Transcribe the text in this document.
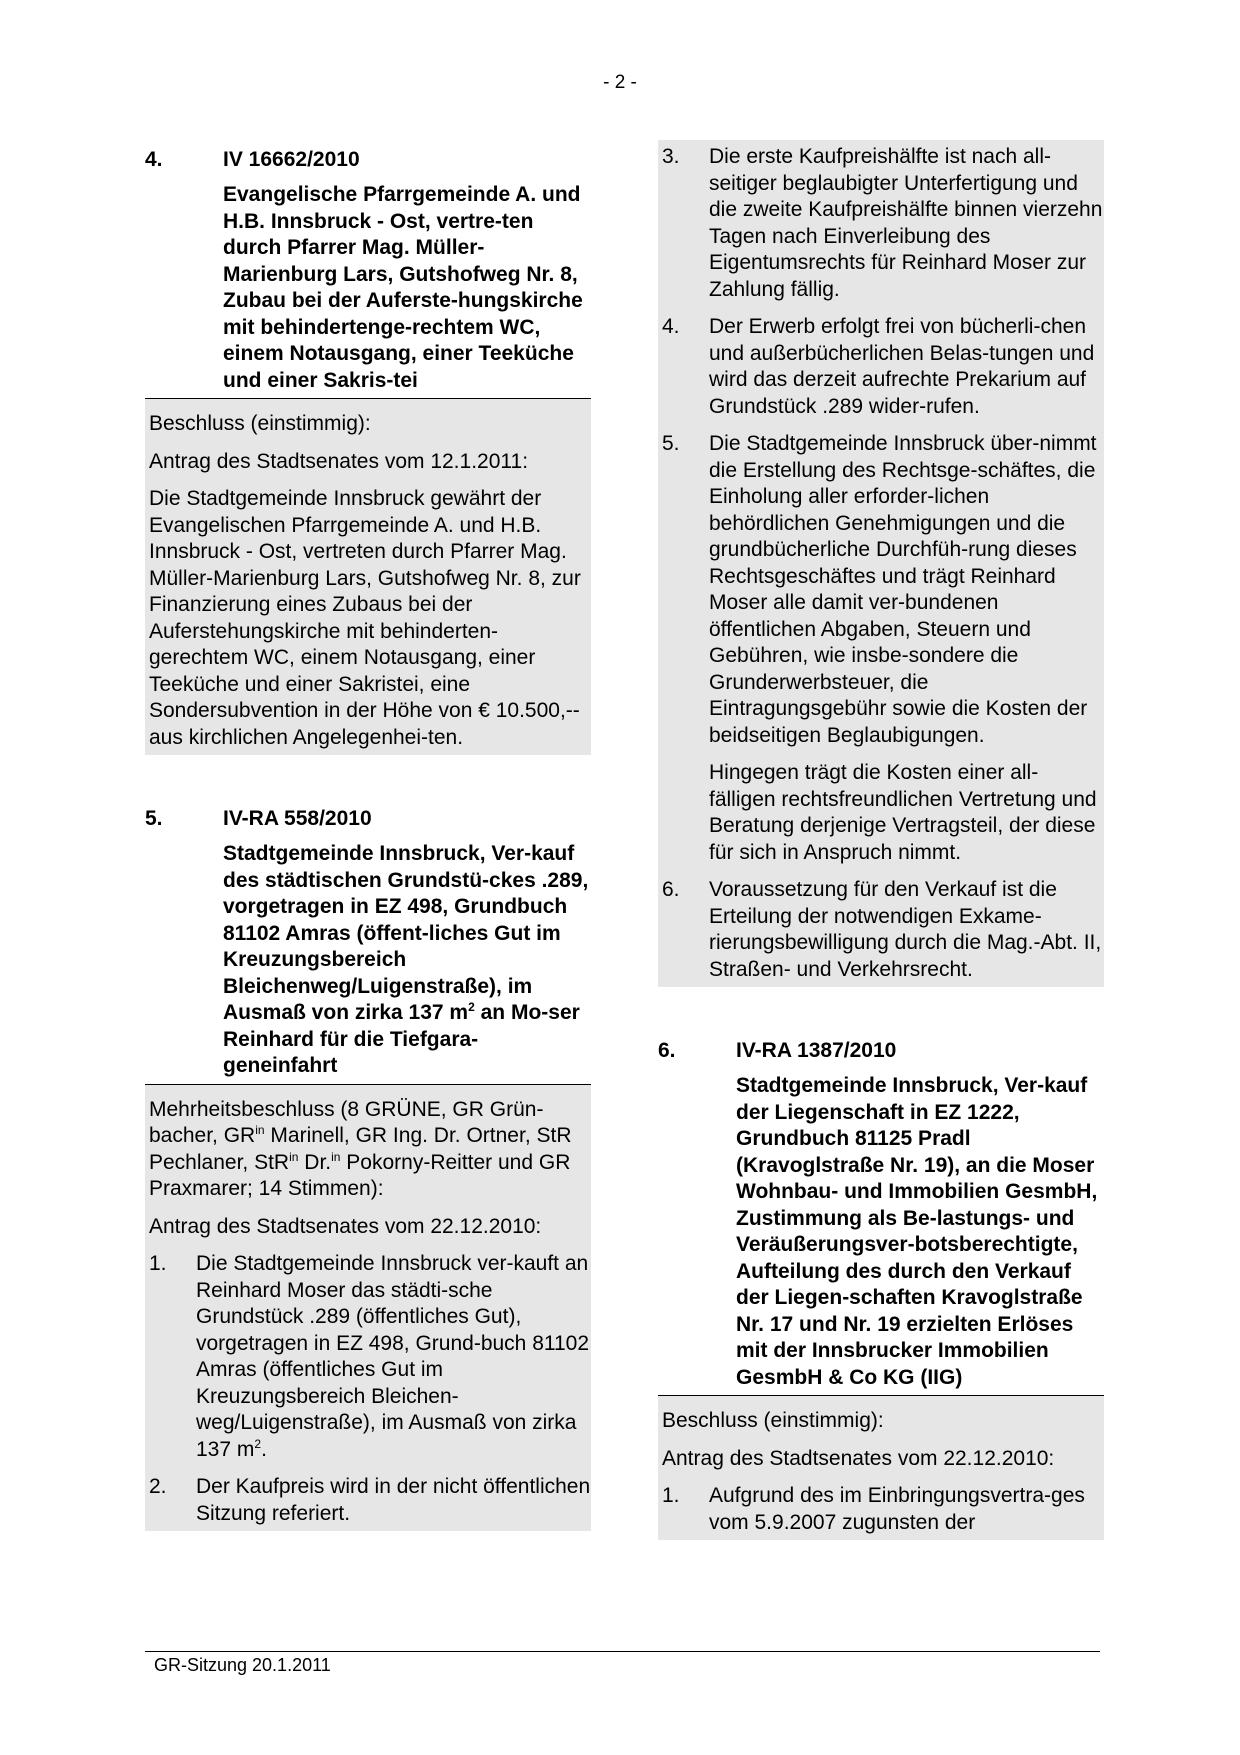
- 2 -
4.	IV 16662/2010
Evangelische Pfarrgemeinde A. und H.B. Innsbruck - Ost, vertre-ten durch Pfarrer Mag. Müller-Marienburg Lars, Gutshofweg Nr. 8, Zubau bei der Auferste-hungskirche mit behindertenge-rechtem WC, einem Notausgang, einer Teeküche und einer Sakris-tei

Beschluss (einstimmig):

Antrag des Stadtsenates vom 12.1.2011:

Die Stadtgemeinde Innsbruck gewährt der Evangelischen Pfarrgemeinde A. und H.B. Innsbruck - Ost, vertreten durch Pfarrer Mag. Müller-Marienburg Lars, Gutshofweg Nr. 8, zur Finanzierung eines Zubaus bei der Auferstehungskirche mit behinderten-gerechtem WC, einem Notausgang, einer Teeküche und einer Sakristei, eine Sondersubvention in der Höhe von € 10.500,-- aus kirchlichen Angelegenhei-ten.

5.	IV-RA 558/2010
Stadtgemeinde Innsbruck, Ver-kauf des städtischen Grundstü-ckes .289, vorgetragen in EZ 498, Grundbuch 81102 Amras (öffent-liches Gut im Kreuzungsbereich Bleichenweg/Luigenstraße), im Ausmaß von zirka 137 $m^2$ an Mo-ser Reinhard für die Tiefgara-geneinfahrt

Mehrheitsbeschluss (8 GRÜNE, GR Grün-bacher, $GR^{in}$ Marinell, GR Ing. Dr. Ortner, StR Pechlaner, StR$^{in}$ Dr.$^{in}$ Pokorny-Reitter und GR Praxmarer; 14 Stimmen):

Antrag des Stadtsenates vom 22.12.2010:

1.	Die Stadtgemeinde Innsbruck ver-kauft an Reinhard Moser das städti-sche Grundstück .289 (öffentliches Gut), vorgetragen in EZ 498, Grund-buch 81102 Amras (öffentliches Gut im Kreuzungsbereich Bleichen-weg/Luigenstraße), im Ausmaß von zirka 137 $m^2$.
2.	Der Kaufpreis wird in der nicht öffentlichen Sitzung referiert.
3.	Die erste Kaufpreishälfte ist nach all-seitiger beglaubigter Unterfertigung und die zweite Kaufpreishälfte binnen vierzehn Tagen nach Einverleibung des Eigentumsrechts für Reinhard Moser zur Zahlung fällig.
4.	Der Erwerb erfolgt frei von bücherli-chen und außerbücherlichen Belas-tungen und wird das derzeit aufrechte Prekarium auf Grundstück .289 wider-rufen.
5.	Die Stadtgemeinde Innsbruck über-nimmt die Erstellung des Rechtsge-schäftes, die Einholung aller erforder-lichen behördlichen Genehmigungen und die grundbücherliche Durchfüh-rung dieses Rechtsgeschäftes und trägt Reinhard Moser alle damit ver-bundenen öffentlichen Abgaben, Steuern und Gebühren, wie insbe-sondere die Grunderwerbsteuer, die Eintragungsgebühr sowie die Kosten der beidseitigen Beglaubigungen.
Hingegen trägt die Kosten einer all-fälligen rechtsfreundlichen Vertretung und Beratung derjenige Vertragsteil, der diese für sich in Anspruch nimmt.
6.	Voraussetzung für den Verkauf ist die Erteilung der notwendigen Exkame-rierungsbewilligung durch die Mag.-Abt. II, Straßen- und Verkehrsrecht.
6.	IV-RA 1387/2010
Stadtgemeinde Innsbruck, Ver-kauf der Liegenschaft in EZ 1222, Grundbuch 81125 Pradl (Kravoglstraße Nr. 19), an die Moser Wohnbau- und Immobilien GesmbH, Zustimmung als Be-lastungs- und Veräußerungsver-botsberechtigte, Aufteilung des durch den Verkauf der Liegen-schaften Kravoglstraße Nr. 17 und Nr. 19 erzielten Erlöses mit der Innsbrucker Immobilien GesmbH & Co KG (IIG)

Beschluss (einstimmig):

Antrag des Stadtsenates vom 22.12.2010:

1.	Aufgrund des im Einbringungsvertra-ges vom 5.9.2007 zugunsten der
GR-Sitzung 20.1.2011
